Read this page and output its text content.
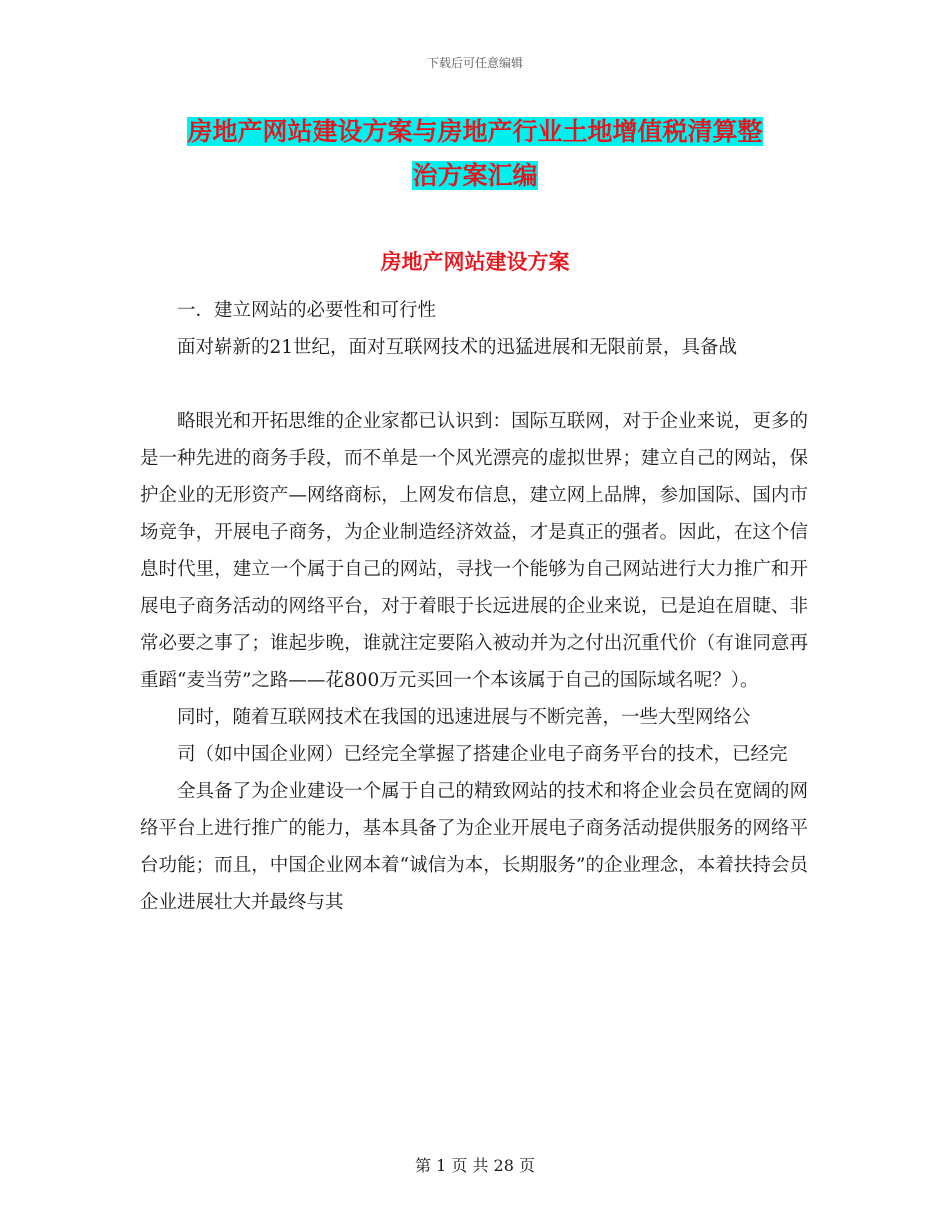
下载后可任意编辑
房地产网站建设方案与房地产行业土地增值税清算整
治方案汇编
房地产网站建设方案

一．建立网站的必要性和可行性

面对崭新的21世纪，面对互联网技术的迅猛进展和无限前景，具备战

略眼光和开拓思维的企业家都已认识到：国际互联网，对于企业来说，更多的是一种先进的商务手段，而不单是一个风光漂亮的虚拟世界；建立自己的网站，保护企业的无形资产—网络商标，上网发布信息，建立网上品牌，参加国际、国内市场竞争，开展电子商务，为企业制造经济效益，才是真正的强者。因此，在这个信息时代里，建立一个属于自己的网站，寻找一个能够为自己网站进行大力推广和开展电子商务活动的网络平台，对于着眼于长远进展的企业来说，已是迫在眉睫、非常必要之事了；谁起步晚，谁就注定要陷入被动并为之付出沉重代价（有谁同意再重蹈“麦当劳”之路——花800万元买回一个本该属于自己的国际域名呢？）。

同时，随着互联网技术在我国的迅速进展与不断完善，一些大型网络公

司（如中国企业网）已经完全掌握了搭建企业电子商务平台的技术，已经完

全具备了为企业建设一个属于自己的精致网站的技术和将企业会员在宽阔的网络平台上进行推广的能力，基本具备了为企业开展电子商务活动提供服务的网络平台功能；而且，中国企业网本着“诚信为本，长期服务”的企业理念，本着扶持会员企业进展壮大并最终与其

第 1 页 共 28 页
